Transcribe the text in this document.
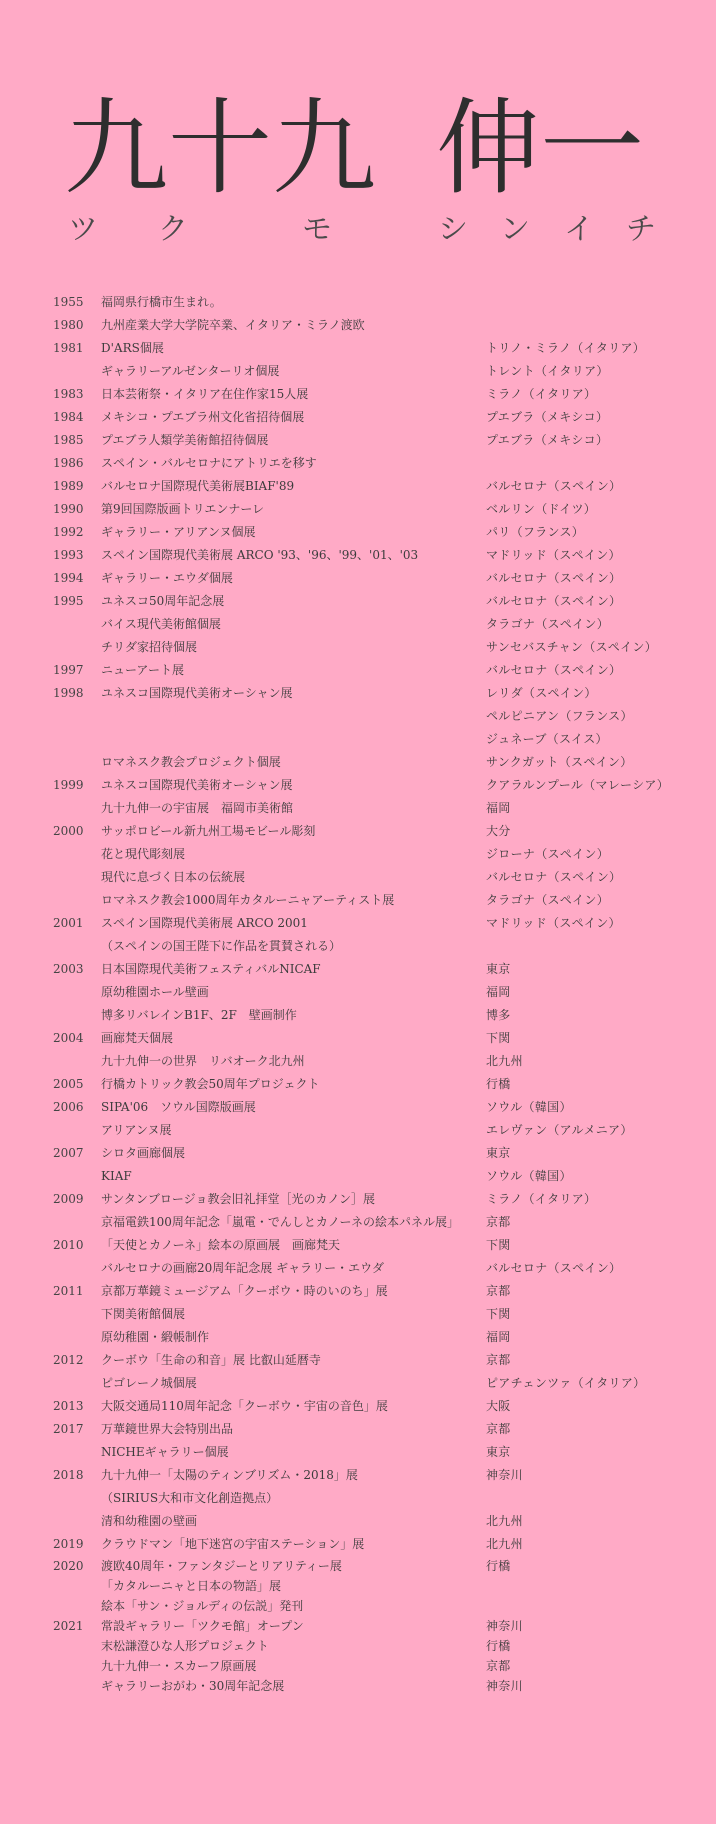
九十九 伸一
ツ ク	モ	シ ン イ チ
1955	福岡県行橋市生まれ。
1980	九州産業大学大学院卒業、イタリア・ミラノ渡欧
1981	D'ARS個展	トリノ・ミラノ（イタリア）
ギャラリーアルゼンターリオ個展	トレント（イタリア）
1983	日本芸術祭・イタリア在住作家15人展	ミラノ（イタリア）
1984	メキシコ・プエブラ州文化省招待個展	プエブラ（メキシコ）
1985	プエブラ人類学美術館招待個展	プエブラ（メキシコ）
1986	スペイン・バルセロナにアトリエを移す
1989	バルセロナ国際現代美術展BIAF'89	バルセロナ（スペイン）
1990	第9回国際版画トリエンナーレ	ベルリン（ドイツ）
1992	ギャラリー・アリアンヌ個展	パリ（フランス）
1993	スペイン国際現代美術展 ARCO '93、'96、'99、'01、'03	マドリッド（スペイン）
1994	ギャラリー・エウダ個展	バルセロナ（スペイン）
1995	ユネスコ50周年記念展	バルセロナ（スペイン）
バイス現代美術館個展	タラゴナ（スペイン）
チリダ家招待個展	サンセバスチャン（スペイン）
1997	ニューアート展	バルセロナ（スペイン）
1998	ユネスコ国際現代美術オーシャン展	レリダ（スペイン）
ペルピニアン（フランス）
ジュネーブ（スイス）
ロマネスク教会プロジェクト個展	サンクガット（スペイン）
1999	ユネスコ国際現代美術オーシャン展	クアラルンプール（マレーシア）
九十九伸一の宇宙展　福岡市美術館	福岡
2000	サッポロビール新九州工場モビール彫刻	大分
花と現代彫刻展	ジローナ（スペイン）
現代に息づく日本の伝統展	バルセロナ（スペイン）
ロマネスク教会1000周年カタルーニャアーティスト展	タラゴナ（スペイン）
2001	スペイン国際現代美術展 ARCO 2001	マドリッド（スペイン）
（スペインの国王陛下に作品を貫賛される）
2003	日本国際現代美術フェスティバルNICAF	東京
原幼稚園ホール壁画	福岡
博多リバレインB1F、2F　壁画制作	博多
2004	画廊梵天個展	下関
九十九伸一の世界　リバオーク北九州	北九州
2005	行橋カトリック教会50周年プロジェクト	行橋
2006	SIPA'06　ソウル国際版画展	ソウル（韓国）
アリアンヌ展	エレヴァン（アルメニア）
2007	シロタ画廊個展	東京
KIAF	ソウル（韓国）
2009	サンタンブロージョ教会旧礼拝堂［光のカノン］展	ミラノ（イタリア）
京福電鉄100周年記念「嵐電・でんしとカノーネの絵本パネル展」	京都
2010	「天使とカノーネ」絵本の原画展　画廊梵天	下関
バルセロナの画廊20周年記念展 ギャラリー・エウダ	バルセロナ（スペイン）
2011	京都万華鏡ミュージアム「クーボウ・時のいのち」展	京都
下関美術館個展	下関
原幼稚園・緞帳制作	福岡
2012	クーボウ「生命の和音」展 比叡山延暦寺	京都
ピゴレーノ城個展	ピアチェンツァ（イタリア）
2013	大阪交通局110周年記念「クーボウ・宇宙の音色」展	大阪
2017	万華鏡世界大会特別出品	京都
NICHEギャラリー個展	東京
2018	九十九伸一「太陽のティンブリズム・2018」展	神奈川
（SIRIUS大和市文化創造拠点）
清和幼稚園の壁画	北九州
2019	クラウドマン「地下迷宮の宇宙ステーション」展	北九州
2020	渡欧40周年・ファンタジーとリアリティー展	行橋
「カタルーニャと日本の物語」展
絵本「サン・ジョルディの伝説」発刊
2021	常設ギャラリー「ツクモ館」オープン	神奈川
末松謙澄ひな人形プロジェクト	行橋
九十九伸一・スカーフ原画展	京都
ギャラリーおがわ・30周年記念展	神奈川
